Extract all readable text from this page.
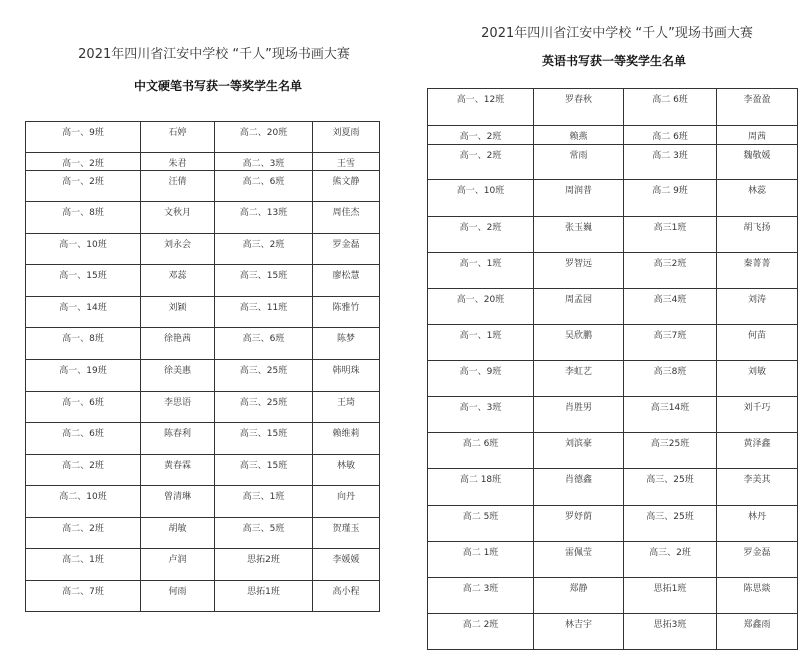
2021年四川省江安中学校 “千人”现场书画大赛
中文硬笔书写获一等奖学生名单
高一、9班	石婷	高二、20班	刘夏雨
高一、2班	朱君	高二、3班	王雪
高一、2班	汪倩	高二、6班	熊文静
高一、8班	文秋月	高二、13班	周佳杰
高一、10班	刘永会	高三、2班	罗金磊
高一、15班	邓蕊	高三、15班	廖松慧
高一、14班	刘颖	高三、11班	陈雅竹
高一、8班	徐艳茜	高三、6班	陈梦
高一、19班	徐美惠	高三、25班	韩明珠
高一、6班	李思语	高三、25班	王琦
高二、6班	陈春利	高三、15班	赖维莉
高二、2班	黄春霖	高三、15班	林敏
高二、10班	曾清琳	高三、1班	向丹
高二、2班	胡敏	高三、5班	贺瑾玉
高二、1班	卢润	思拓2班	李媛媛
高二、7班	何雨	思拓1班	高小程
2021年四川省江安中学校 “千人”现场书画大赛
英语书写获一等奖学生名单
高一、12班	罗春秋	高二 6班	李盈盈
高一、2班	赖燕	高二 6班	周茜
高一、2班	常雨	高二 3班	魏敬媛
高一、10班	周润普	高二 9班	林蕊
高一、2班	张玉巍	高三1班	胡飞扬
高一、1班	罗智远	高三2班	秦菁菁
高一、20班	周孟园	高三4班	刘涛
高一、1班	吴欣鹏	高三7班	何苗
高一、9班	李虹艺	高三8班	刘敏
高一、3班	肖胜男	高三14班	刘千巧
高二 6班	刘滨豪	高三25班	黄泽鑫
高二 18班	肖德鑫	高三、25班	李美其
高二 5班	罗妤荫	高三、25班	林丹
高二 1班	雷佩莹	高三、2班	罗金磊
高二 3班	郑静	思拓1班	陈思燚
高二 2班	林吉宇	思拓3班	郑鑫雨
